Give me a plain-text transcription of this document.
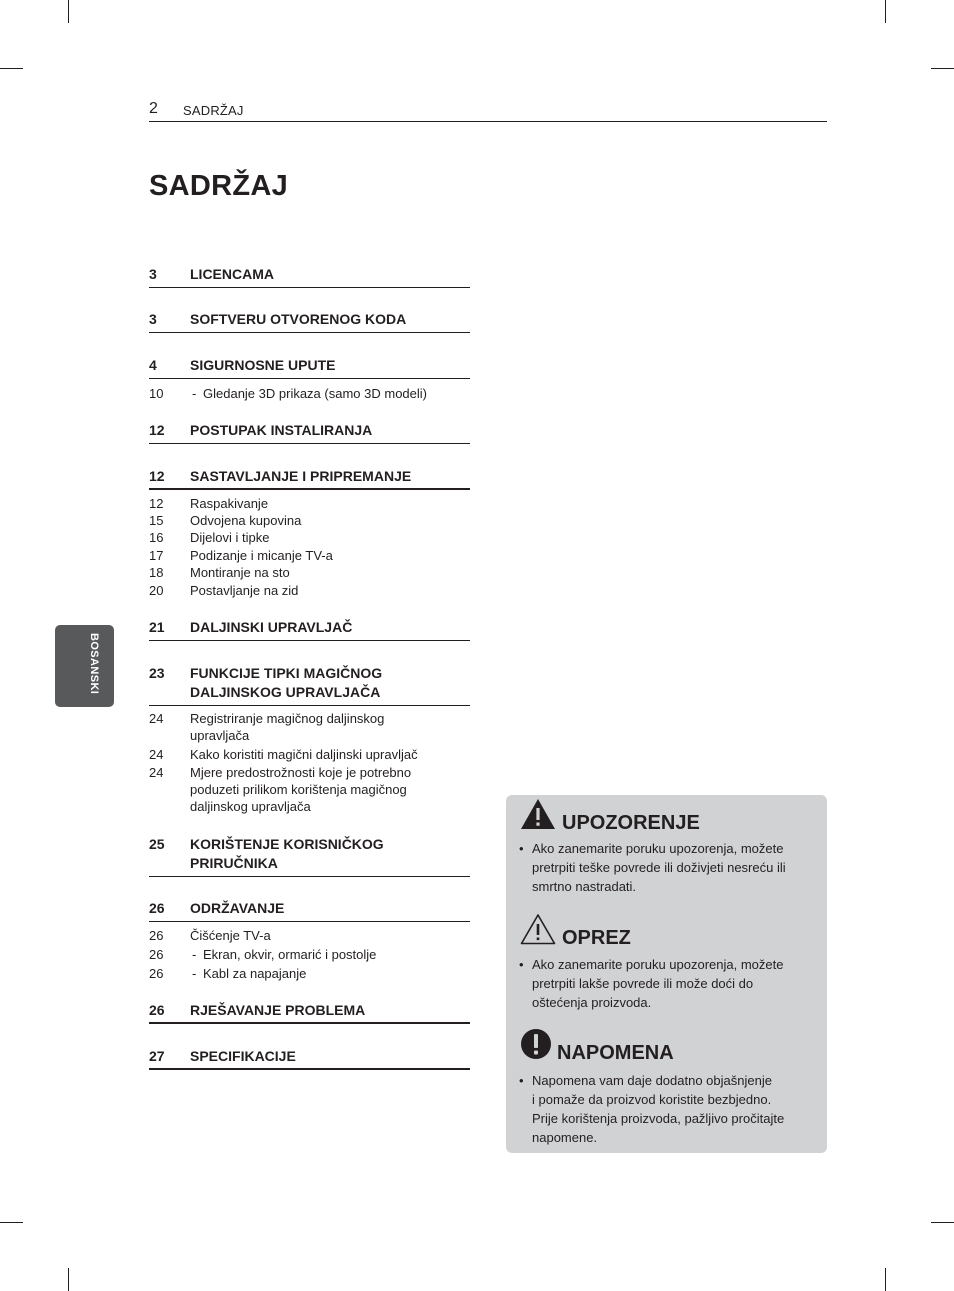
2 SADRŽAJ
SADRŽAJ
BOSANSKI
3 LICENCAMA
3 SOFTVERU OTVORENOG KODA
4 SIGURNOSNE UPUTE
10 - Gledanje 3D prikaza (samo 3D modeli)
12 POSTUPAK INSTALIRANJA
12 SASTAVLJANJE I PRIPREMANJE
12 Raspakivanje
15 Odvojena kupovina
16 Dijelovi i tipke
17 Podizanje i micanje TV-a
18 Montiranje na sto
20 Postavljanje na zid
21 DALJINSKI UPRAVLJAČ
23 FUNKCIJE TIPKI MAGIČNOG
DALJINSKOG UPRAVLJAČA
24 Registriranje magičnog daljinskog
upravljača
24 Kako koristiti magični daljinski upravljač
24 Mjere predostrožnosti koje je potrebno
poduzeti prilikom korištenja magičnog
daljinskog upravljača
25 KORIŠTENJE KORISNIČKOG
PRIRUČNIKA
26 ODRŽAVANJE
26 Čišćenje TV-a
26 - Ekran, okvir, ormarić i postolje
26 - Kabl za napajanje
26 RJEŠAVANJE PROBLEMA
27 SPECIFIKACIJE
UPOZORENJE
• Ako zanemarite poruku upozorenja, možete
pretrpiti teške povrede ili doživjeti nesreću ili
smrtno nastradati.
OPREZ
• Ako zanemarite poruku upozorenja, možete
pretrpiti lakše povrede ili može doći do
oštećenja proizvoda.
NAPOMENA
• Napomena vam daje dodatno objašnjenje
i pomaže da proizvod koristite bezbjedno.
Prije korištenja proizvoda, pažljivo pročitajte
napomene.
